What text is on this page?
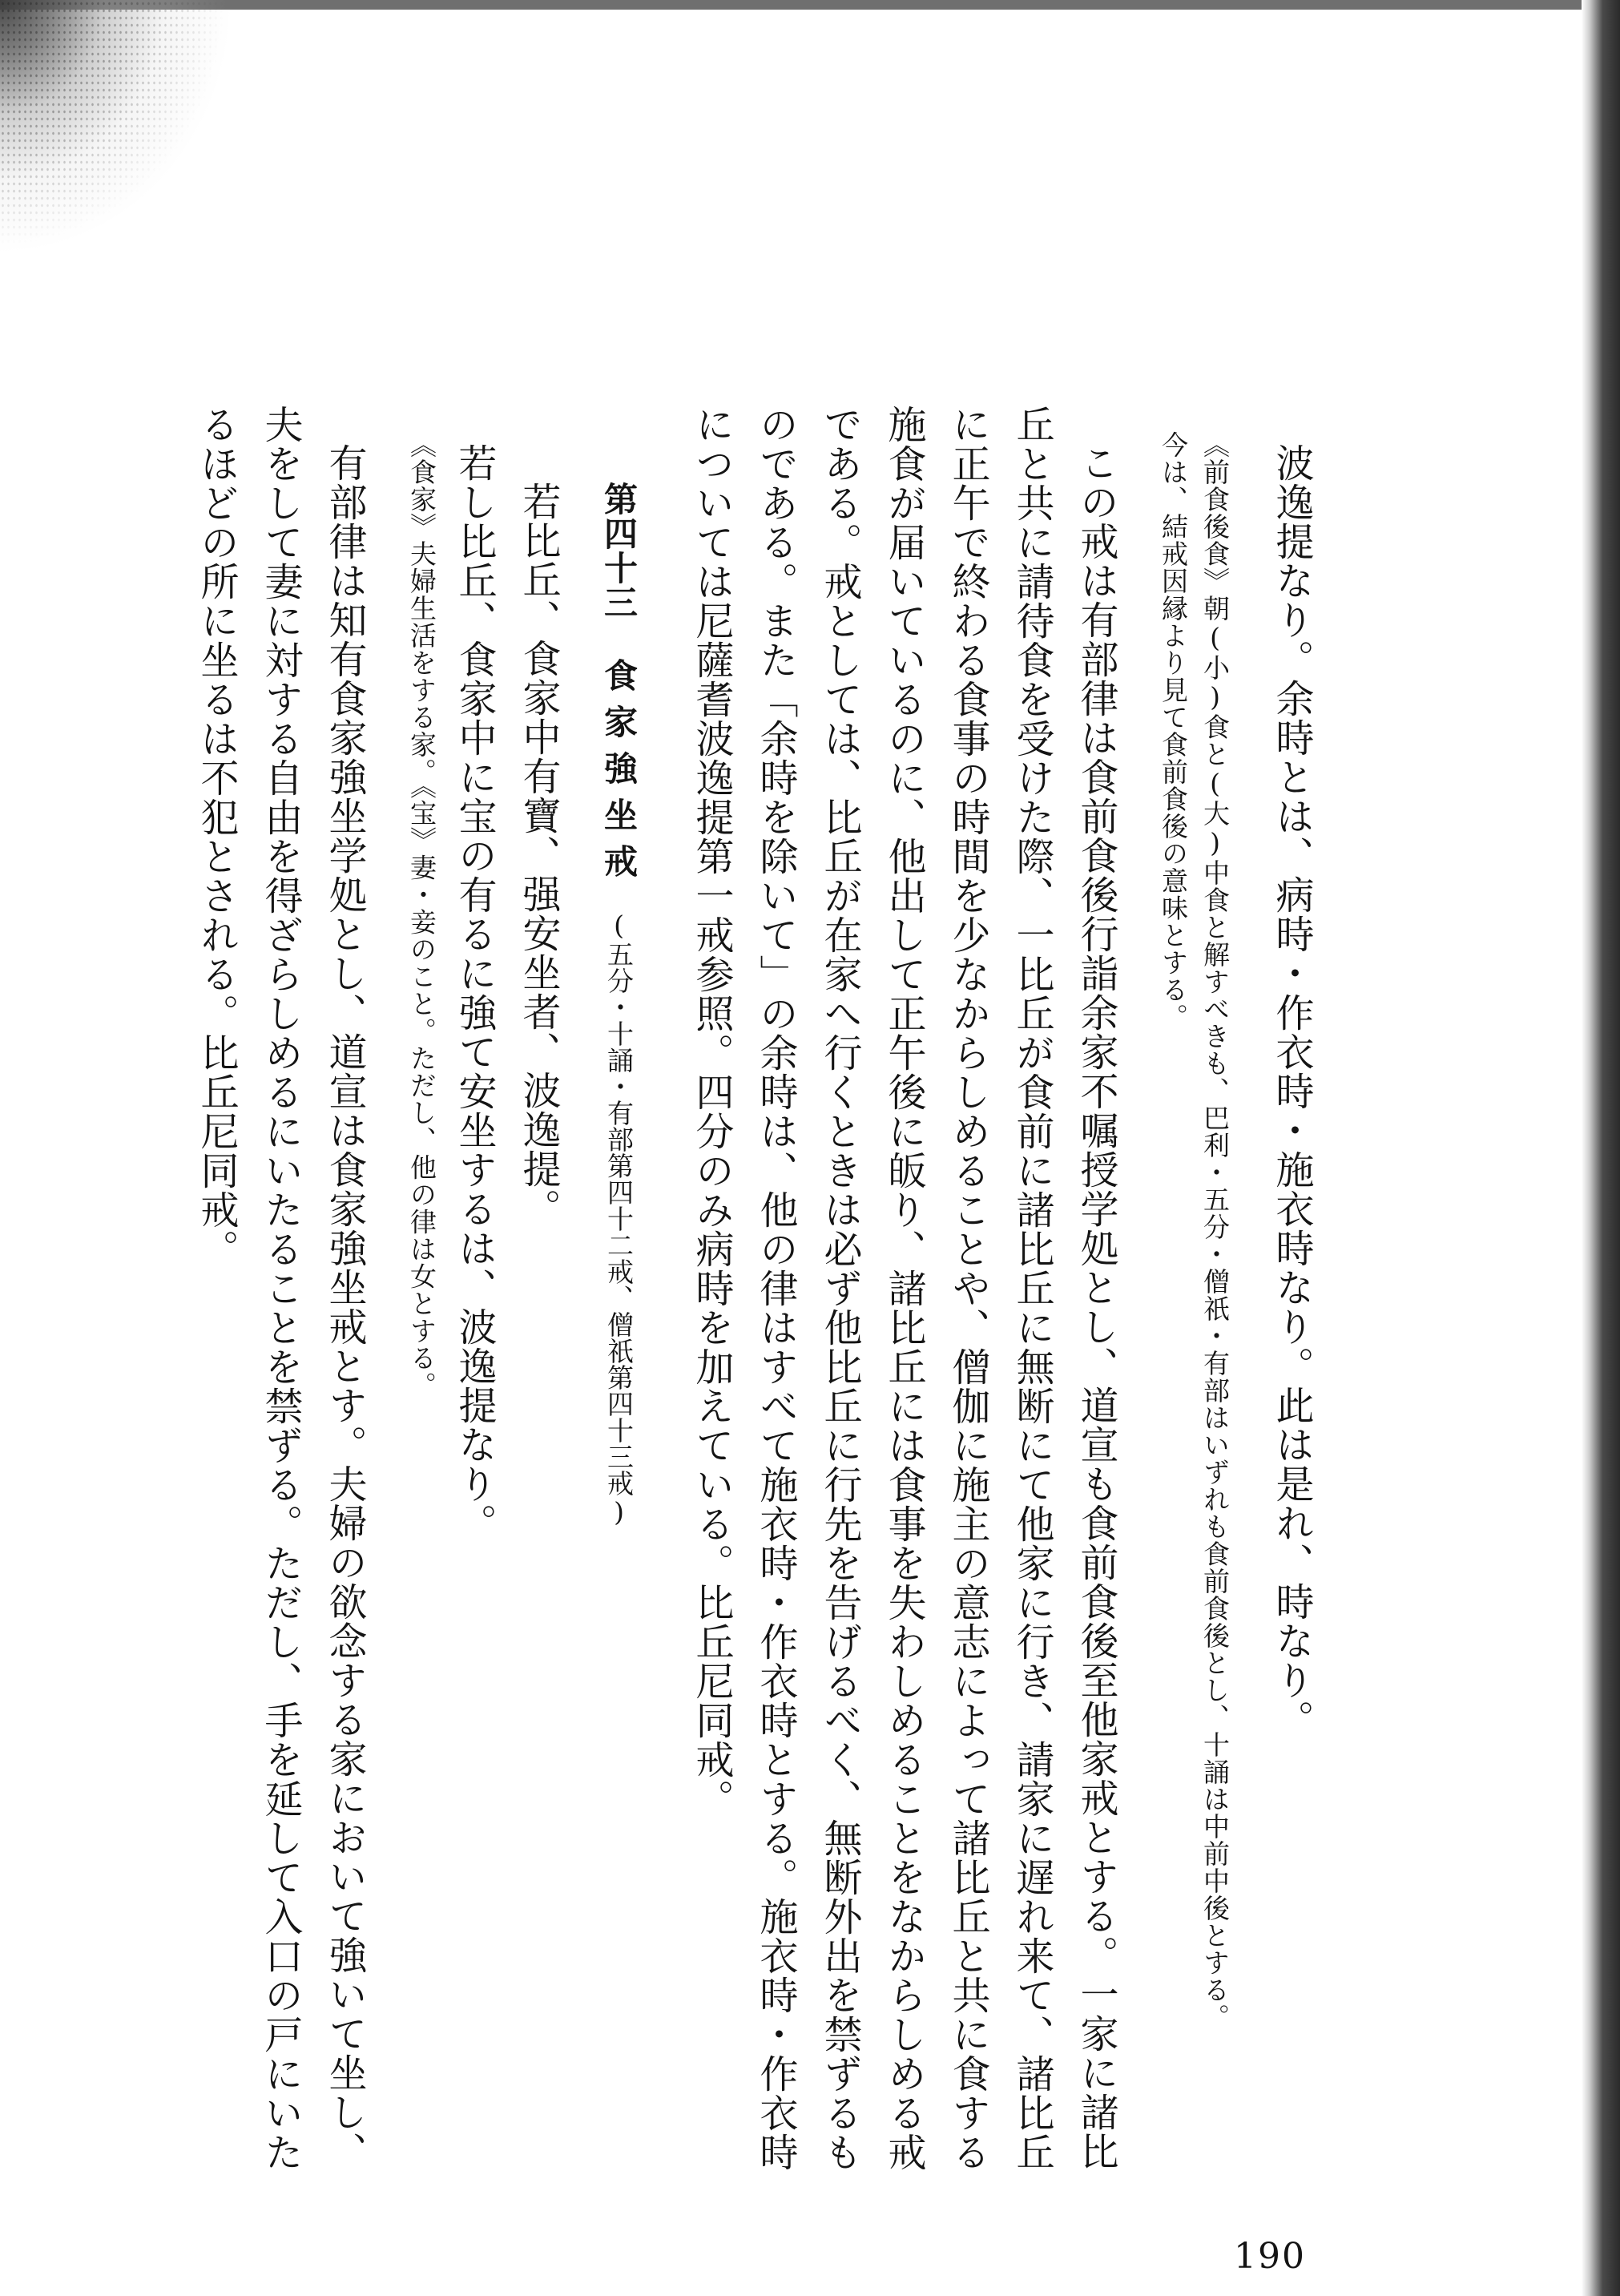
波逸提なり。余時とは、病時・作衣時・施衣時なり。此は是れ、時なり。

《前食後食》朝(小)食と(大)中食と解すべきも、巴利・五分・僧祇・有部はいずれも食前食後とし、十誦は中前中後とする。

今は、結戒因縁より見て食前食後の意味とする。

この戒は有部律は食前食後行詣余家不嘱授学処とし、道宣も食前食後至他家戒とする。一家に諸比

丘と共に請待食を受けた際、一比丘が食前に諸比丘に無断にて他家に行き、請家に遅れ来て、諸比丘

に正午で終わる食事の時間を少なからしめることや、僧伽に施主の意志によって諸比丘と共に食する

施食が届いているのに、他出して正午後に皈り、諸比丘には食事を失わしめることをなからしめる戒

である。戒としては、比丘が在家へ行くときは必ず他比丘に行先を告げるべく、無断外出を禁ずるも

のである。また「余時を除いて」の余時は、他の律はすべて施衣時・作衣時とする。施衣時・作衣時

については尼薩耆波逸提第一戒参照。四分のみ病時を加えている。比丘尼同戒。

第四十三食家強坐戒(五分・十誦・有部第四十二戒、僧祇第四十三戒)

若比丘、食家中有寶、强安坐者、波逸提。

若し比丘、食家中に宝の有るに強て安坐するは、波逸提なり。

《食家》夫婦生活をする家。《宝》妻・妾のこと。ただし、他の律は女とする。

有部律は知有食家強坐学処とし、道宣は食家強坐戒とす。夫婦の欲念する家において強いて坐し、

夫をして妻に対する自由を得ざらしめるにいたることを禁ずる。ただし、手を延して入口の戸にいた

るほどの所に坐るは不犯とされる。比丘尼同戒。

190
